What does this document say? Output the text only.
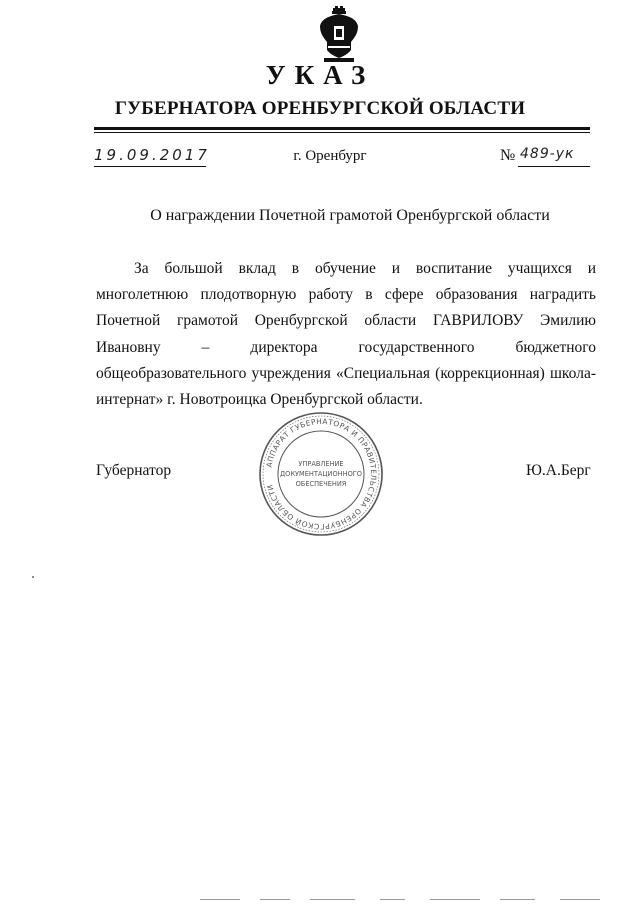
УКАЗ
ГУБЕРНАТОРА ОРЕНБУРГСКОЙ ОБЛАСТИ
19.09.2017	г. Оренбург	№ 489-ук
О награждении Почетной грамотой Оренбургской области
За большой вклад в обучение и воспитание учащихся и многолетнюю плодотворную работу в сфере образования наградить Почетной грамотой Оренбургской области ГАВРИЛОВУ Эмилию Ивановну – директора государственного бюджетного общеобразовательного учреждения «Специальная (коррекционная) школа-интернат» г. Новотроицка Оренбургской области.
Губернатор	АППАРАТ ГУБЕРНАТОРА И ПРАВИТЕЛЬСТВА ОРЕНБУРГСКОЙ ОБЛАСТИ
УПРАВЛЕНИЕ
ДОКУМЕНТАЦИОННОГО
ОБЕСПЕЧЕНИЯ
Ю.А.Берг
